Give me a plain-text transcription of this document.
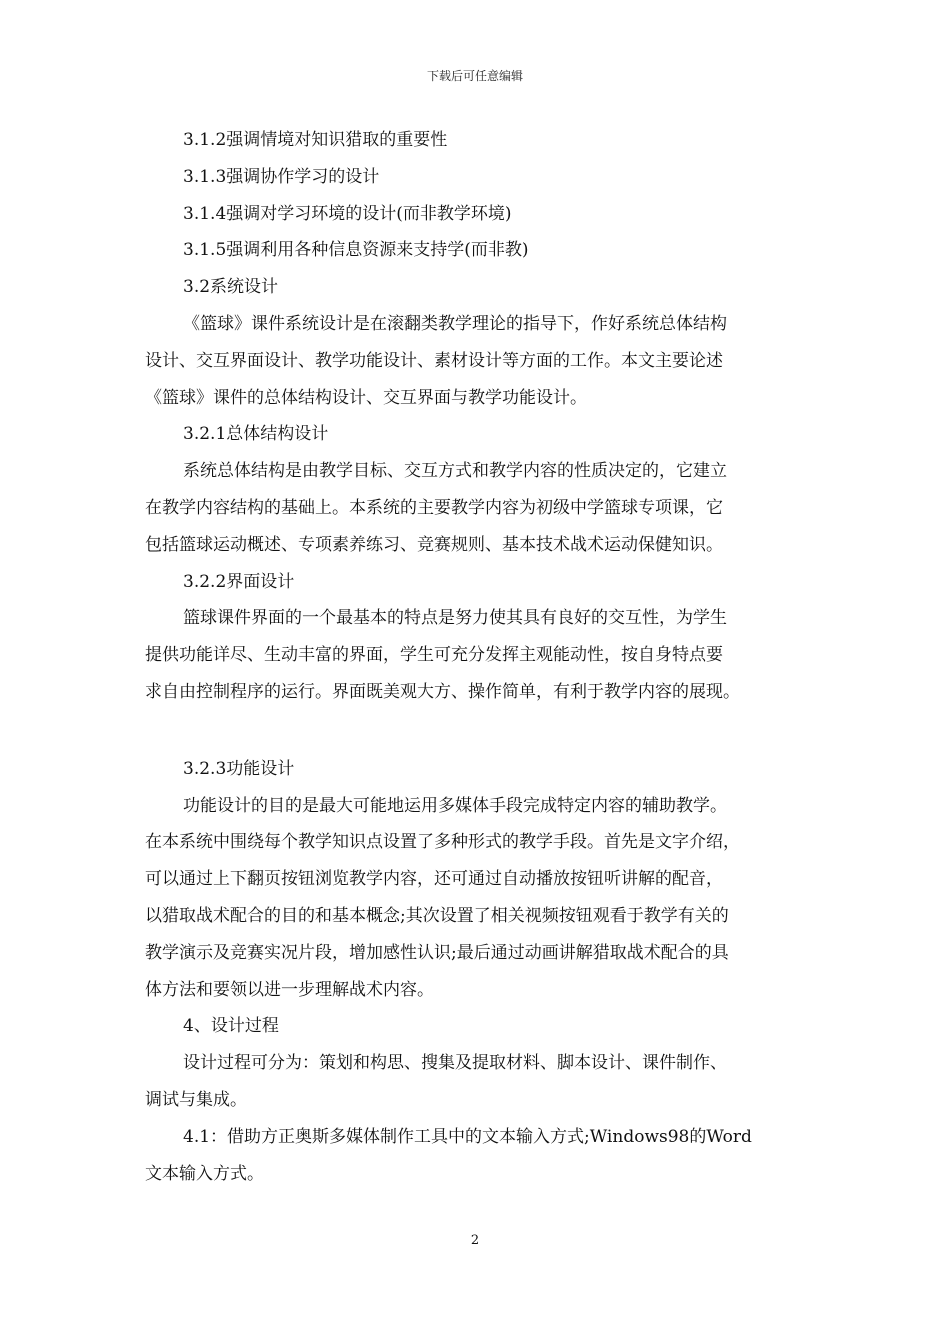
下载后可任意编辑
3.1.2强调情境对知识猎取的重要性
3.1.3强调协作学习的设计
3.1.4强调对学习环境的设计(而非教学环境)
3.1.5强调利用各种信息资源来支持学(而非教)
3.2系统设计
《篮球》课件系统设计是在滚翻类教学理论的指导下，作好系统总体结构
设计、交互界面设计、教学功能设计、素材设计等方面的工作。本文主要论述
《篮球》课件的总体结构设计、交互界面与教学功能设计。
3.2.1总体结构设计
系统总体结构是由教学目标、交互方式和教学内容的性质决定的，它建立
在教学内容结构的基础上。本系统的主要教学内容为初级中学篮球专项课，它
包括篮球运动概述、专项素养练习、竞赛规则、基本技术战术运动保健知识。
3.2.2界面设计
篮球课件界面的一个最基本的特点是努力使其具有良好的交互性，为学生
提供功能详尽、生动丰富的界面，学生可充分发挥主观能动性，按自身特点要
求自由控制程序的运行。界面既美观大方、操作简单，有利于教学内容的展现。
3.2.3功能设计
功能设计的目的是最大可能地运用多媒体手段完成特定内容的辅助教学。
在本系统中围绕每个教学知识点设置了多种形式的教学手段。首先是文字介绍，
可以通过上下翻页按钮浏览教学内容，还可通过自动播放按钮听讲解的配音，
以猎取战术配合的目的和基本概念;其次设置了相关视频按钮观看于教学有关的
教学演示及竞赛实况片段，增加感性认识;最后通过动画讲解猎取战术配合的具
体方法和要领以进一步理解战术内容。
4、设计过程
设计过程可分为：策划和构思、搜集及提取材料、脚本设计、课件制作、
调试与集成。
4.1：借助方正奥斯多媒体制作工具中的文本输入方式;Windows98的Word
文本输入方式。
2
